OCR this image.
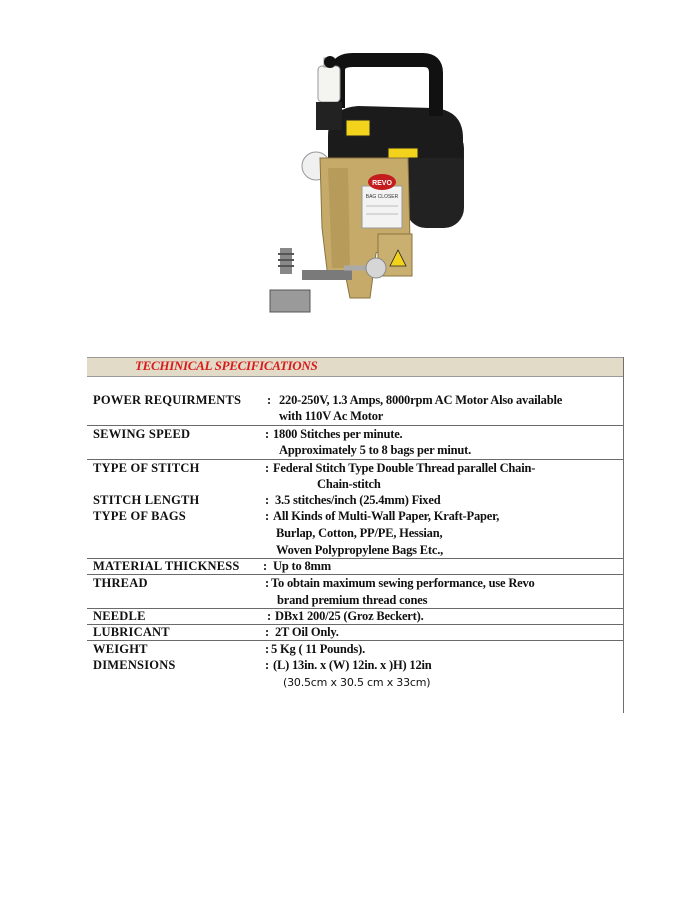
REVO
BAG CLOSER
TECHINICAL SPECIFICATIONS
POWER REQUIRMENTS : 220-250V, 1.3 Amps, 8000rpm AC Motor Also available
with 110V Ac Motor
SEWING SPEED	: 1800 Stitches per minute.
Approximately 5 to 8 bags per minut.
TYPE OF STITCH	: Federal Stitch Type Double Thread parallel Chain-
Chain-stitch
STITCH LENGTH	: 3.5 stitches/inch (25.4mm) Fixed
TYPE OF BAGS	: All Kinds of Multi-Wall Paper, Kraft-Paper,
Burlap, Cotton, PP/PE, Hessian,
Woven Polypropylene Bags Etc.,
MATERIAL THICKNESS : Up to 8mm
THREAD	: To obtain maximum sewing performance, use Revo
brand premium thread cones
NEEDLE	: DBx1 200/25 (Groz Beckert).
LUBRICANT	: 2T Oil Only.
WEIGHT	: 5 Kg ( 11 Pounds).
DIMENSIONS	: (L) 13in. x (W) 12in. x )H) 12in
(30.5cm x 30.5 cm x 33cm)
